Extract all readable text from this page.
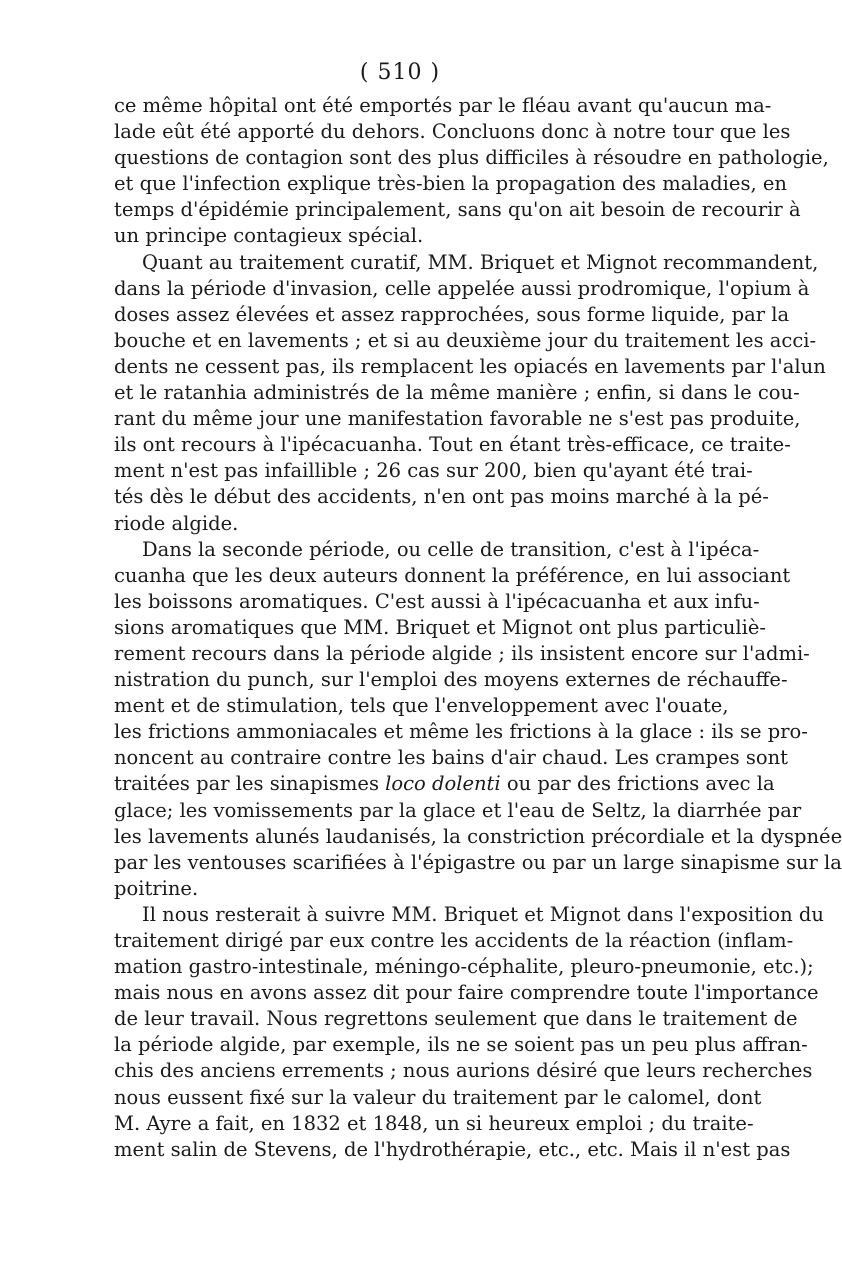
( 510 )
ce même hôpital ont été emportés par le fléau avant qu'aucun ma-
lade eût été apporté du dehors. Concluons donc à notre tour que les
questions de contagion sont des plus difficiles à résoudre en pathologie,
et que l'infection explique très-bien la propagation des maladies, en
temps d'épidémie principalement, sans qu'on ait besoin de recourir à
un principe contagieux spécial.
Quant au traitement curatif, MM. Briquet et Mignot recommandent,
dans la période d'invasion, celle appelée aussi prodromique, l'opium à
doses assez élevées et assez rapprochées, sous forme liquide, par la
bouche et en lavements ; et si au deuxième jour du traitement les acci-
dents ne cessent pas, ils remplacent les opiacés en lavements par l'alun
et le ratanhia administrés de la même manière ; enfin, si dans le cou-
rant du même jour une manifestation favorable ne s'est pas produite,
ils ont recours à l'ipécacuanha. Tout en étant très-efficace, ce traite-
ment n'est pas infaillible ; 26 cas sur 200, bien qu'ayant été trai-
tés dès le début des accidents, n'en ont pas moins marché à la pé-
riode algide.
Dans la seconde période, ou celle de transition, c'est à l'ipéca-
cuanha que les deux auteurs donnent la préférence, en lui associant
les boissons aromatiques. C'est aussi à l'ipécacuanha et aux infu-
sions aromatiques que MM. Briquet et Mignot ont plus particuliè-
rement recours dans la période algide ; ils insistent encore sur l'admi-
nistration du punch, sur l'emploi des moyens externes de réchauffe-
ment et de stimulation, tels que l'enveloppement avec l'ouate,
les frictions ammoniacales et même les frictions à la glace : ils se pro-
noncent au contraire contre les bains d'air chaud. Les crampes sont
traitées par les sinapismes loco dolenti ou par des frictions avec la
glace; les vomissements par la glace et l'eau de Seltz, la diarrhée par
les lavements alunés laudanisés, la constriction précordiale et la dyspnée
par les ventouses scarifiées à l'épigastre ou par un large sinapisme sur la
poitrine.
Il nous resterait à suivre MM. Briquet et Mignot dans l'exposition du
traitement dirigé par eux contre les accidents de la réaction (inflam-
mation gastro-intestinale, méningo-céphalite, pleuro-pneumonie, etc.);
mais nous en avons assez dit pour faire comprendre toute l'importance
de leur travail. Nous regrettons seulement que dans le traitement de
la période algide, par exemple, ils ne se soient pas un peu plus affran-
chis des anciens errements ; nous aurions désiré que leurs recherches
nous eussent fixé sur la valeur du traitement par le calomel, dont
M. Ayre a fait, en 1832 et 1848, un si heureux emploi ; du traite-
ment salin de Stevens, de l'hydrothérapie, etc., etc. Mais il n'est pas
